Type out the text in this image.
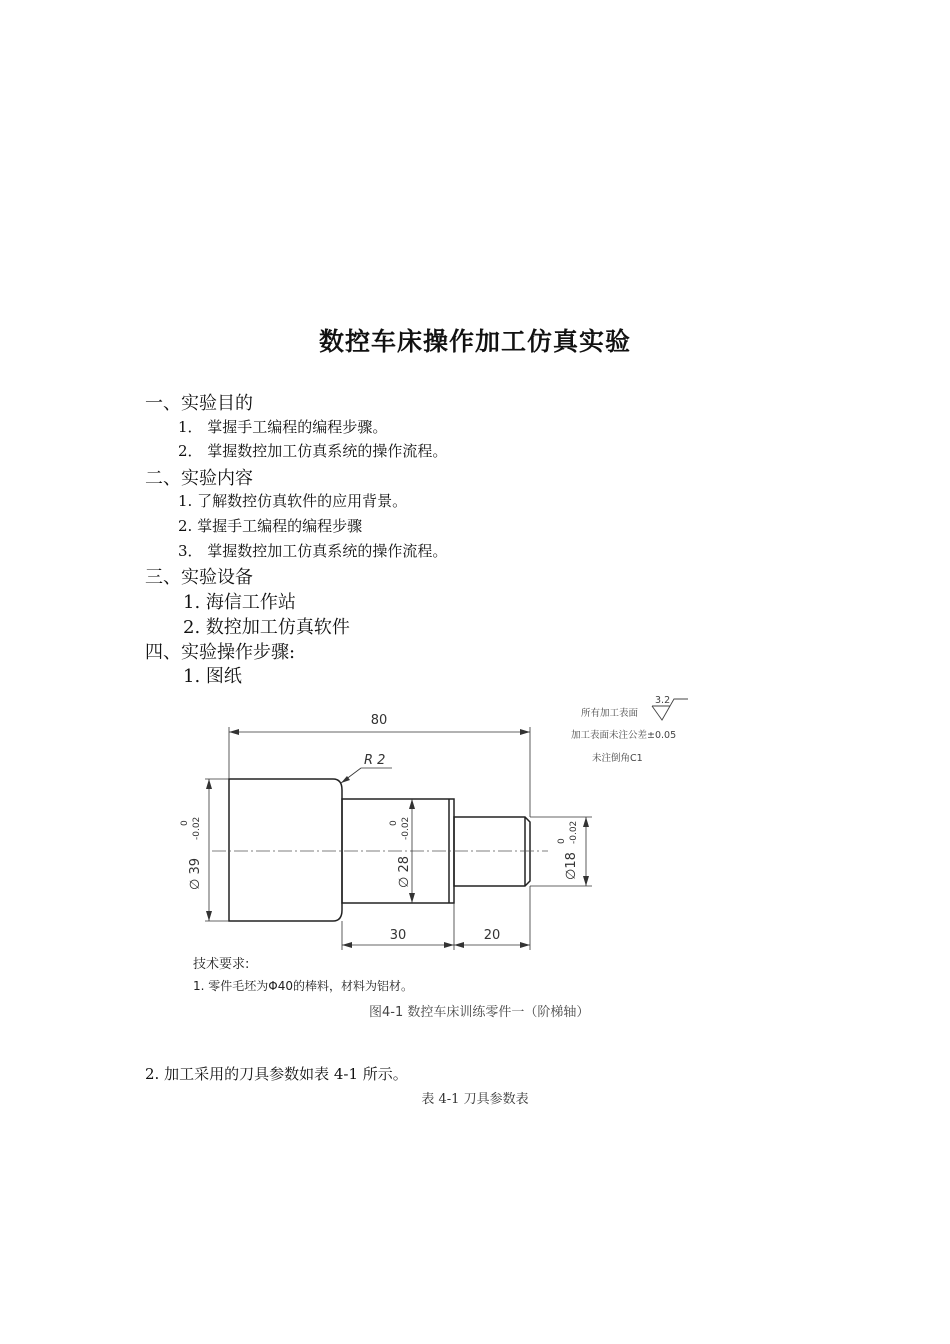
数控车床操作加工仿真实验
一、实验目的
1． 掌握手工编程的编程步骤。
2． 掌握数控加工仿真系统的操作流程。
二、实验内容
1. 了解数控仿真软件的应用背景。
2. 掌握手工编程的编程步骤
3． 掌握数控加工仿真系统的操作流程。
三、实验设备
1. 海信工作站
2. 数控加工仿真软件
四、实验操作步骤:
1. 图纸
80
R 2
30	20
∅ 39
0 -0.02
∅ 28
0 -0.02
∅18
0 -0.02
3.2
所有加工表面
加工表面未注公差±0.05
未注倒角C1
技术要求:
1. 零件毛坯为Φ40的棒料，材料为铝材。
图4-1 数控车床训练零件一（阶梯轴）
2. 加工采用的刀具参数如表 4-1 所示。
表 4-1 刀具参数表
